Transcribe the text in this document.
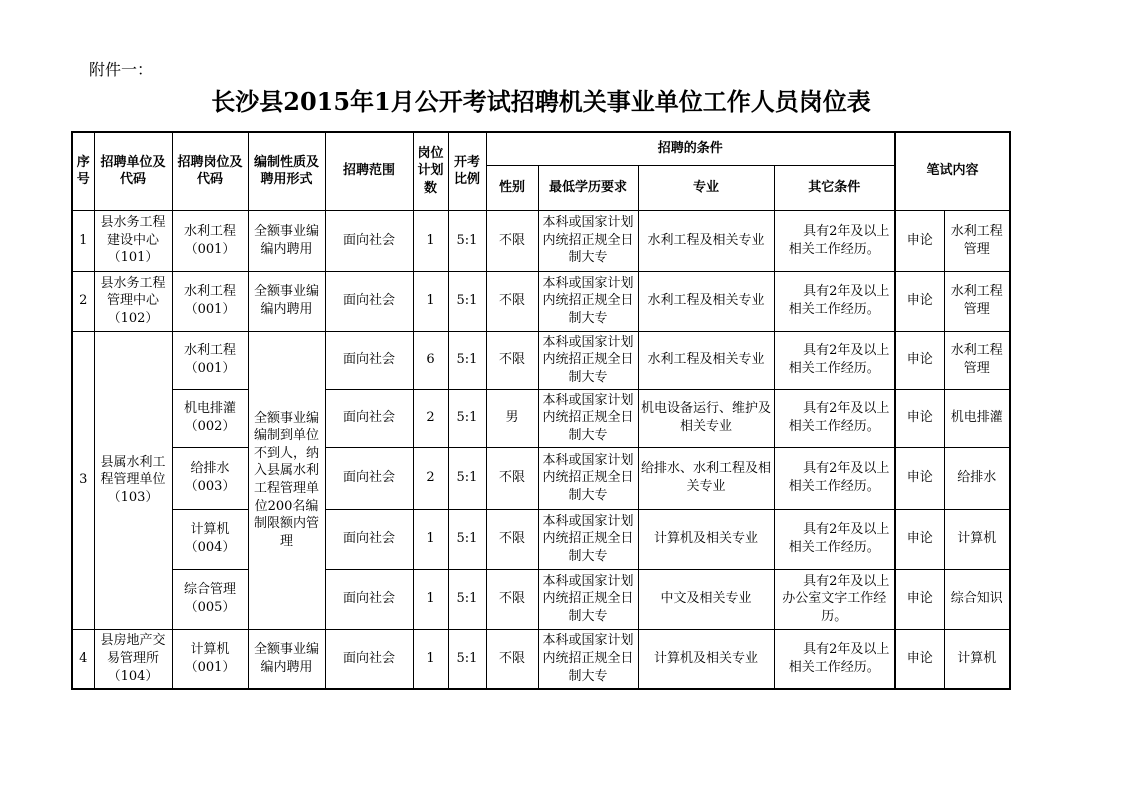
附件一：
长沙县2015年1月公开考试招聘机关事业单位工作人员岗位表
序号	招聘单位及代码	招聘岗位及代码	编制性质及聘用形式	招聘范围	岗位计划数	开考比例	招聘的条件				笔试内容	
							性别	最低学历要求	专业	其它条件		
1	县水务工程建设中心（101）	水利工程（001）	全额事业编编内聘用	面向社会	1	5:1	不限	本科或国家计划内统招正规全日制大专	水利工程及相关专业	具有2年及以上相关工作经历。	申论	水利工程管理
2	县水务工程管理中心（102）	水利工程（001）	全额事业编编内聘用	面向社会	1	5:1	不限	本科或国家计划内统招正规全日制大专	水利工程及相关专业	具有2年及以上相关工作经历。	申论	水利工程管理
3	县属水利工程管理单位（103）	水利工程（001）	全额事业编编制到单位不到人，纳入县属水利工程管理单位200名编制限额内管理	面向社会	6	5:1	不限	本科或国家计划内统招正规全日制大专	水利工程及相关专业	具有2年及以上相关工作经历。	申论	水利工程管理
		机电排灌（002）		面向社会	2	5:1	男	本科或国家计划内统招正规全日制大专	机电设备运行、维护及相关专业	具有2年及以上相关工作经历。	申论	机电排灌
		给排水（003）		面向社会	2	5:1	不限	本科或国家计划内统招正规全日制大专	给排水、水利工程及相关专业	具有2年及以上相关工作经历。	申论	给排水
		计算机（004）		面向社会	1	5:1	不限	本科或国家计划内统招正规全日制大专	计算机及相关专业	具有2年及以上相关工作经历。	申论	计算机
		综合管理（005）		面向社会	1	5:1	不限	本科或国家计划内统招正规全日制大专	中文及相关专业	具有2年及以上办公室文字工作经历。	申论	综合知识
4	县房地产交易管理所（104）	计算机（001）	全额事业编编内聘用	面向社会	1	5:1	不限	本科或国家计划内统招正规全日制大专	计算机及相关专业	具有2年及以上相关工作经历。	申论	计算机
